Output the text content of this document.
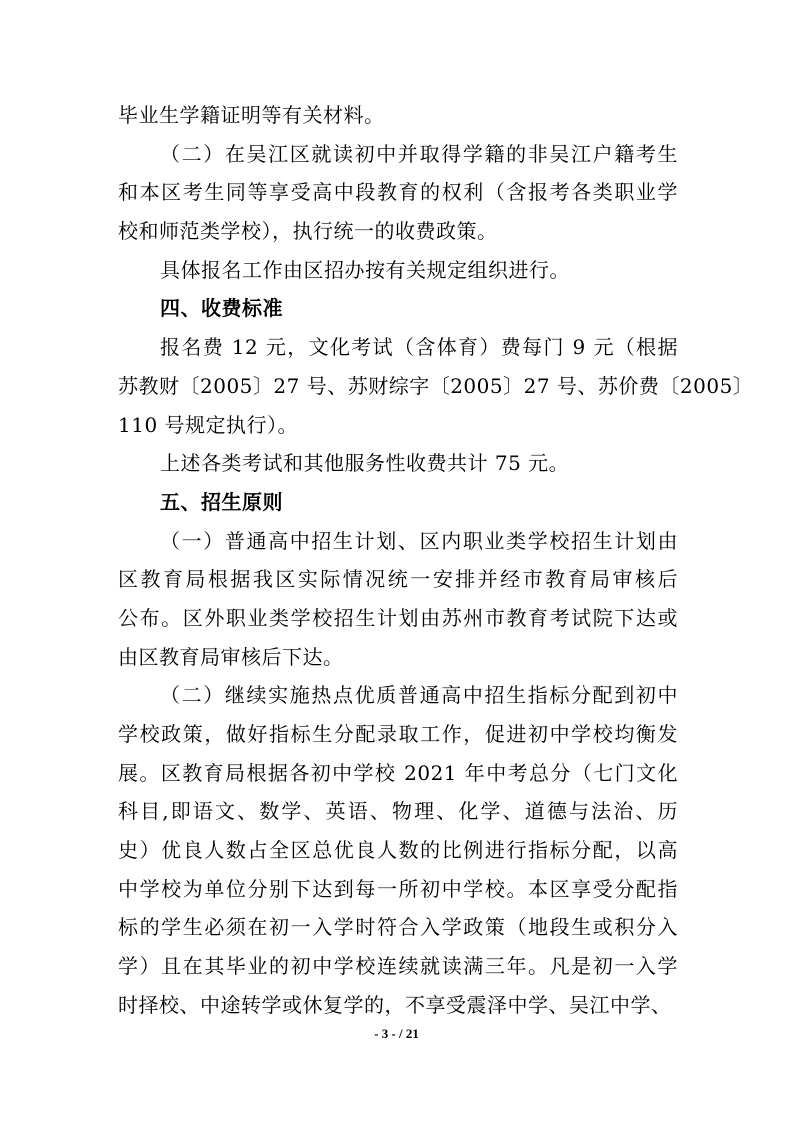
毕业生学籍证明等有关材料。
（二）在吴江区就读初中并取得学籍的非吴江户籍考生
和本区考生同等享受高中段教育的权利（含报考各类职业学
校和师范类学校），执行统一的收费政策。
具体报名工作由区招办按有关规定组织进行。
四、收费标准
报名费 12 元，文化考试（含体育）费每门 9 元（根据
苏教财〔2005〕27 号、苏财综字〔2005〕27 号、苏价费〔2005〕
110 号规定执行）。
上述各类考试和其他服务性收费共计 75 元。
五、招生原则
（一）普通高中招生计划、区内职业类学校招生计划由
区教育局根据我区实际情况统一安排并经市教育局审核后
公布。区外职业类学校招生计划由苏州市教育考试院下达或
由区教育局审核后下达。
（二）继续实施热点优质普通高中招生指标分配到初中
学校政策，做好指标生分配录取工作，促进初中学校均衡发
展。区教育局根据各初中学校 2021 年中考总分（七门文化
科目,即语文、数学、英语、物理、化学、道德与法治、历
史）优良人数占全区总优良人数的比例进行指标分配，以高
中学校为单位分别下达到每一所初中学校。本区享受分配指
标的学生必须在初一入学时符合入学政策（地段生或积分入
学）且在其毕业的初中学校连续就读满三年。凡是初一入学
时择校、中途转学或休复学的，不享受震泽中学、吴江中学、
- 3 - / 21
